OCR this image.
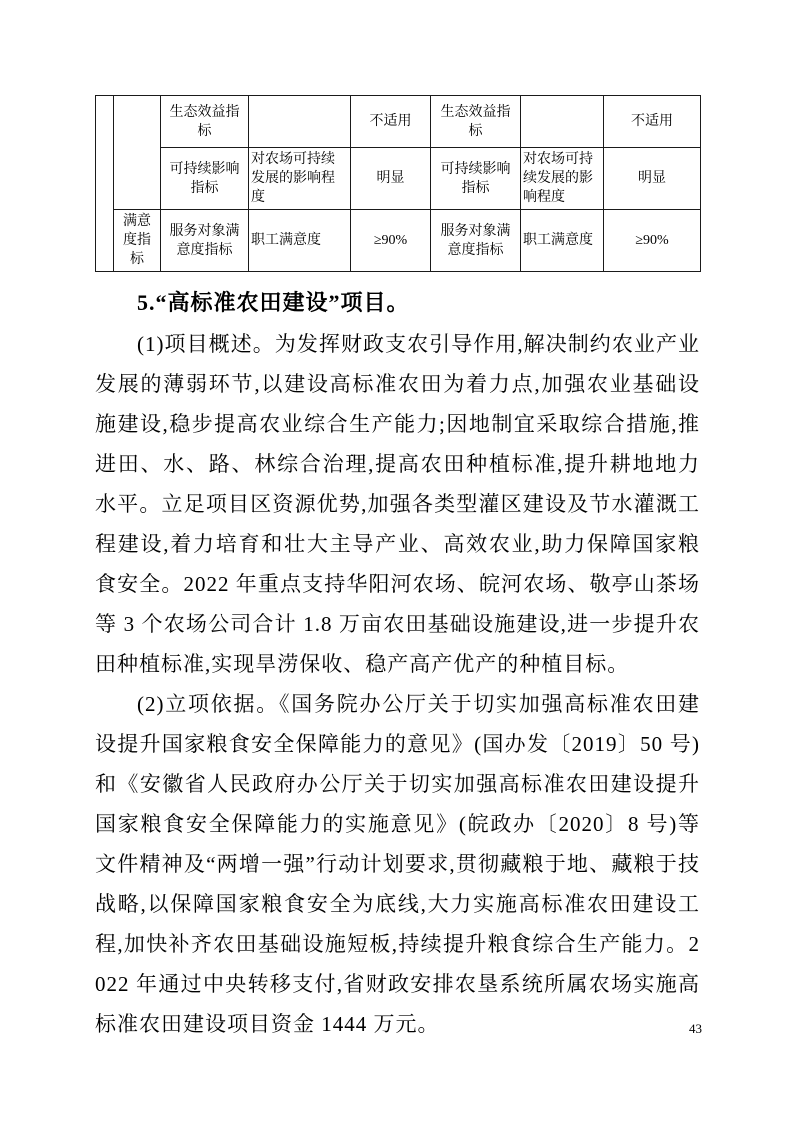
		生态效益指标		不适用	生态效益指标		不适用
		可持续影响指标	对农场可持续发展的影响程度	明显	可持续影响指标	对农场可持续发展的影响程度	明显
	满意度指标	服务对象满意度指标	职工满意度	≥90%	服务对象满意度指标	职工满意度	≥90%
5.“高标准农田建设”项目。

(1)项目概述。为发挥财政支农引导作用,解决制约农业产业发展的薄弱环节,以建设高标准农田为着力点,加强农业基础设施建设,稳步提高农业综合生产能力;因地制宜采取综合措施,推进田、水、路、林综合治理,提高农田种植标准,提升耕地地力水平。立足项目区资源优势,加强各类型灌区建设及节水灌溉工程建设,着力培育和壮大主导产业、高效农业,助力保障国家粮食安全。2022 年重点支持华阳河农场、皖河农场、敬亭山茶场等 3 个农场公司合计 1.8 万亩农田基础设施建设,进一步提升农田种植标准,实现旱涝保收、稳产高产优产的种植目标。

(2)立项依据。《国务院办公厅关于切实加强高标准农田建设提升国家粮食安全保障能力的意见》(国办发〔2019〕50 号)和《安徽省人民政府办公厅关于切实加强高标准农田建设提升国家粮食安全保障能力的实施意见》(皖政办〔2020〕8 号)等文件精神及“两增一强”行动计划要求,贯彻藏粮于地、藏粮于技战略,以保障国家粮食安全为底线,大力实施高标准农田建设工程,加快补齐农田基础设施短板,持续提升粮食综合生产能力。2022 年通过中央转移支付,省财政安排农垦系统所属农场实施高标准农田建设项目资金 1444 万元。	43
